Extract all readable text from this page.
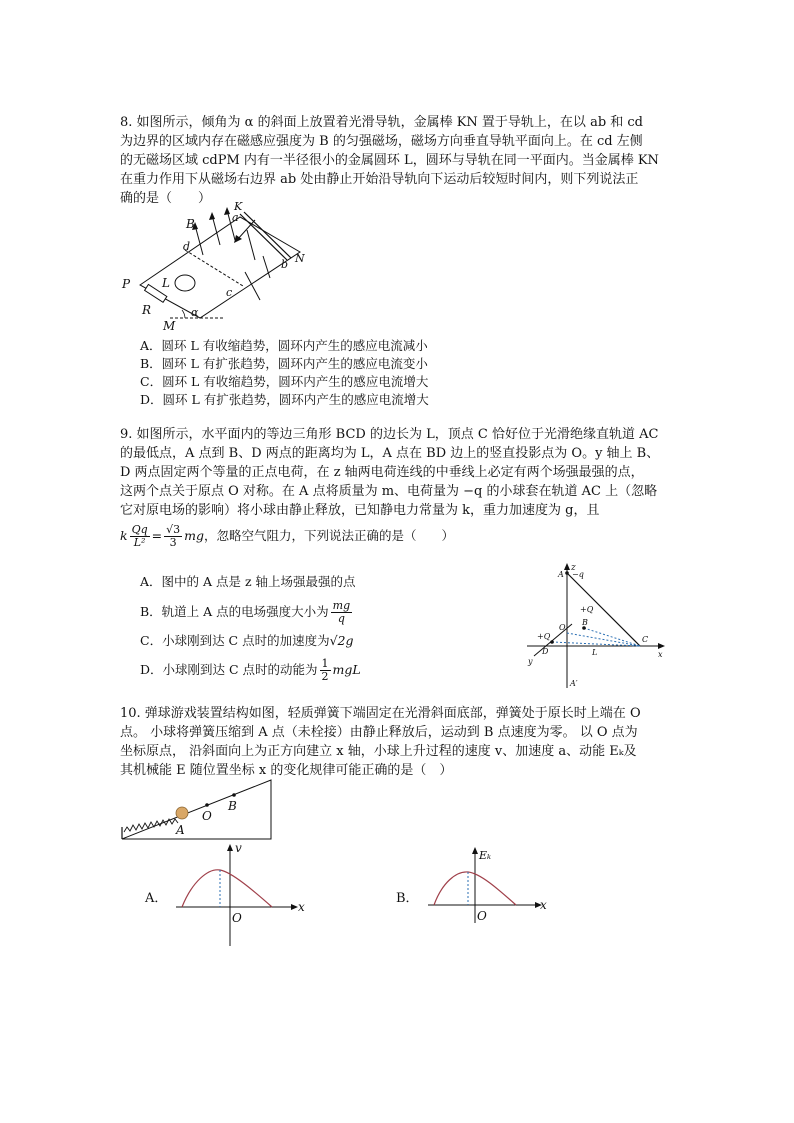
8. 如图所示，倾角为 α 的斜面上放置着光滑导轨，金属棒 KN 置于导轨上，在以 ab 和 cd
为边界的区域内存在磁感应强度为 B 的匀强磁场，磁场方向垂直导轨平面向上。在 cd 左侧
的无磁场区域 cdPM 内有一半径很小的金属圆环 L，圆环与导轨在同一平面内。当金属棒 KN
在重力作用下从磁场右边界 ab 处由静止开始沿导轨向下运动后较短时间内，则下列说法正
确的是（　　）
B
K
a
d
b N
L
P
c
R
M
α
A．圆环 L 有收缩趋势，圆环内产生的感应电流减小
B．圆环 L 有扩张趋势，圆环内产生的感应电流变小
C．圆环 L 有收缩趋势，圆环内产生的感应电流增大
D．圆环 L 有扩张趋势，圆环内产生的感应电流增大
9. 如图所示，水平面内的等边三角形 BCD 的边长为 L，顶点 C 恰好位于光滑绝缘直轨道 AC
的最低点，A 点到 B、D 两点的距离均为 L，A 点在 BD 边上的竖直投影点为 O。y 轴上 B、
D 两点固定两个等量的正点电荷，在 z 轴两电荷连线的中垂线上必定有两个场强最强的点，
这两个点关于原点 O 对称。在 A 点将质量为 m、电荷量为 −q 的小球套在轨道 AC 上（忽略
它对原电场的影响）将小球由静止释放，已知静电力常量为 k，重力加速度为 g，且
k $\frac{Qq}{\text{L²}} = \frac{√3}{3}$ mg，忽略空气阻力，下列说法正确的是（　　）
A．图中的 A 点是 z 轴上场强最强的点
B．轨道上 A 点的电场强度大小为 $\frac{mg}{q}$
C．小球刚到达 C 点时的加速度为√2g
D．小球刚到达 C 点时的动能为 $\frac{1}{2}$ mgL
z
A −q
+Q
B
+Q
O
C
D	L	x
y
A′
10. 弹球游戏装置结构如图，轻质弹簧下端固定在光滑斜面底部，弹簧处于原长时上端在 O
点。 小球将弹簧压缩到 A 点（未栓接）由静止释放后，运动到 B 点速度为零。 以 O 点为
坐标原点， 沿斜面向上为正方向建立 x 轴，小球上升过程的速度 v、加速度 a、动能 Eₖ及
其机械能 E 随位置坐标 x 的变化规律可能正确的是（　）
A
O
B
A．
v
x
O
B．
Eₖ
x
O
